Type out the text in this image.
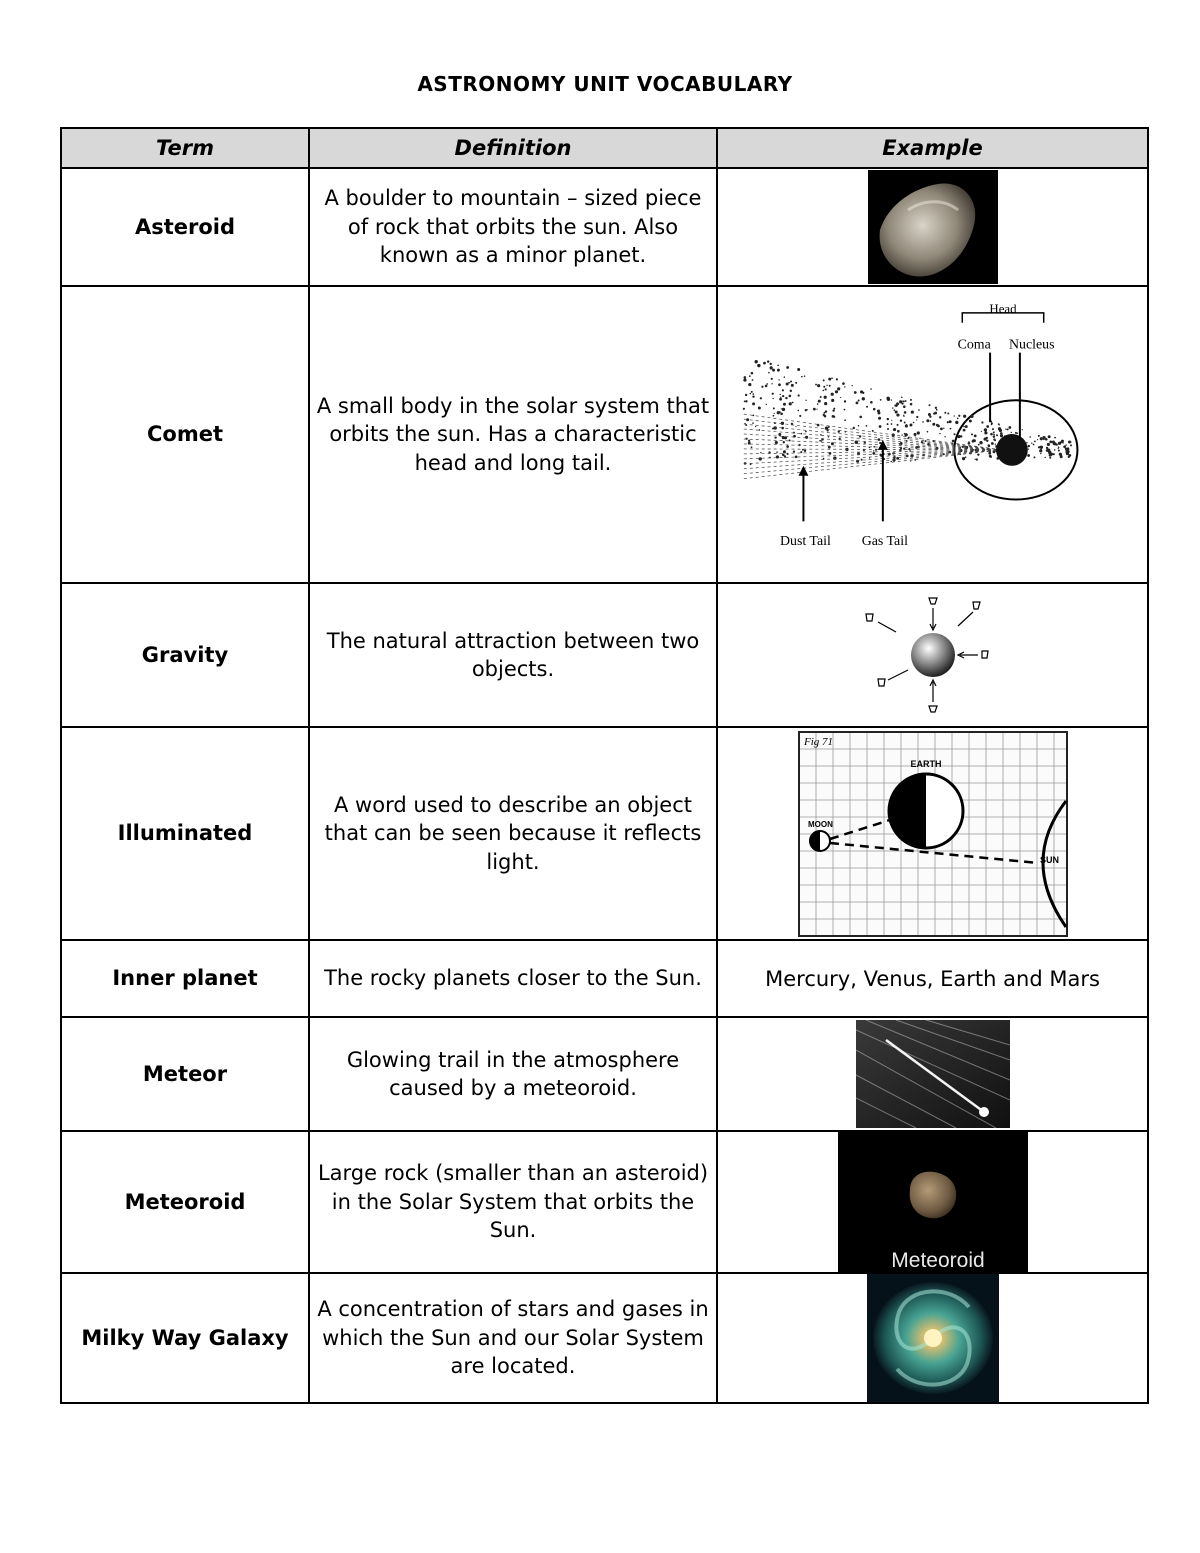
ASTRONOMY UNIT VOCABULARY
Term	Definition	Example
Asteroid	A boulder to mountain – sized piece of rock that orbits the sun. Also known as a minor planet.	

Comet	A small body in the solar system that orbits the sun. Has a characteristic head and long tail.	Head
Coma Nucleus
Dust Tail Gas Tail

Gravity	The natural attraction between two objects.	

Illuminated	A word used to describe an object that can be seen because it reflects light.	Fig 71
EARTH
MOON
SUN

Inner planet	The rocky planets closer to the Sun.	Mercury, Venus, Earth and Mars
Meteor	Glowing trail in the atmosphere caused by a meteoroid.	

Meteoroid	Large rock (smaller than an asteroid) in the Solar System that orbits the Sun.	Meteoroid

Milky Way Galaxy	A concentration of stars and gases in which the Sun and our Solar System are located.	
